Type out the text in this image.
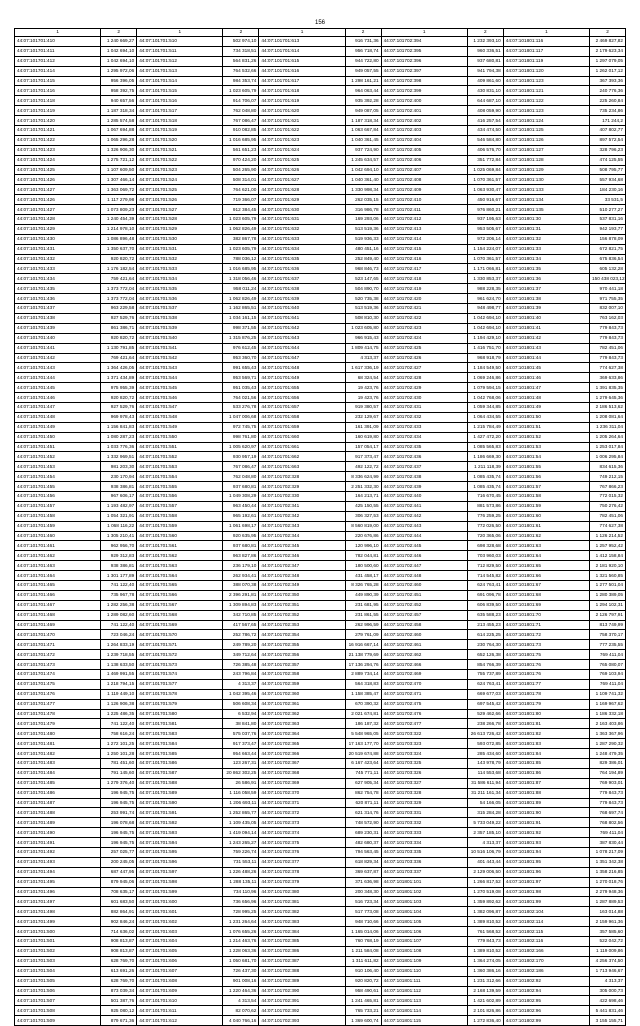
156
1	2	1	2	1	2	1	2	1	2
44:07:101701:410	1 240 669,27	44:07:101701:510	502 974,10	44:07:101701:613	916 731,36	44:07:101702:394	1 232 393,10	44:07:101801:116	2 469 827,82
44:07:101701:411	1 042 694,10	44:07:101701:511	734 318,51	44:07:101701:614	956 718,74	44:07:101702:395	960 336,51	44:07:101801:117	2 179 623,34
44:07:101701:412	1 042 694,10	44:07:101701:512	564 831,26	44:07:101701:615	944 722,80	44:07:101702:396	937 680,81	44:07:101801:119	1 297 079,05
44:07:101701:414	1 295 972,06	44:07:101701:513	764 532,66	44:07:101701:616	949 057,55	44:07:101702:397	941 794,38	44:07:101801:120	1 262 017,12
44:07:101701:415	956 396,05	44:07:101701:514	984 353,74	44:07:101701:617	1 298 161,21	44:07:101702:398	409 861,60	44:07:101801:123	367 393,36
44:07:101701:416	958 392,75	44:07:101701:515	1 023 605,79	44:07:101701:618	964 063,44	44:07:101702:399	430 831,10	44:07:101801:121	240 776,36
44:07:101701:418	940 657,56	44:07:101701:516	914 706,07	44:07:101701:619	935 392,28	44:07:101702:400	644 687,10	44:07:101801:122	225 260,84
44:07:101701:419	1 187 318,34	44:07:101701:517	762 048,80	44:07:101701:620	949 087,05	44:07:101702:401	408 059,90	44:07:101801:123	735 234,86
44:07:101701:420	1 285 574,58	44:07:101701:518	767 086,47	44:07:101701:621	1 187 318,34	44:07:101702:402	416 257,54	44:07:101801:124	171 244,2
44:07:101701:421	1 067 694,88	44:07:101701:519	910 082,85	44:07:101701:622	1 063 667,84	44:07:101702:403	434 474,50	44:07:101801:125	407 802,77
44:07:101701:422	1 065 296,28	44:07:101701:520	1 016 685,95	44:07:101701:623	1 040 361,45	44:07:101702:404	546 584,80	44:07:101801:126	897 572,54
44:07:101701:423	1 326 906,30	44:07:101701:521	561 651,23	44:07:101701:624	937 724,90	44:07:101702:405	406 576,70	44:07:101801:127	328 796,23
44:07:101701:424	1 275 721,12	44:07:101701:522	970 424,20	44:07:101701:625	1 245 634,57	44:07:101702:406	351 772,84	44:07:101801:128	474 125,55
44:07:101701:425	1 107 609,50	44:07:101701:523	504 265,90	44:07:101701:626	1 042 694,10	44:07:101702:407	1 025 069,84	44:07:101801:129	508 795,77
44:07:101701:426	1 307 466,14	44:07:101701:524	508 314,01	44:07:101701:627	1 040 361,40	44:07:101702:408	1 070 361,57	44:07:101801:130	557 934,68
44:07:101701:427	1 363 069,72	44:07:101701:525	764 621,00	44:07:101701:628	1 330 998,34	44:07:101702:409	1 063 930,47	44:07:101801:133	184 230,16
44:07:101701:426	1 117 279,98	44:07:101701:526	719 366,07	44:07:101701:629	262 035,15	44:07:101702:410	450 916,67	44:07:101801:134	33 531,5
44:07:101701:427	1 073 809,23	44:07:101701:527	912 384,45	44:07:101701:630	316 986,78	44:07:101702:411	976 860,21	44:07:101801:135	510 277,27
44:07:101701:428	1 240 454,39	44:07:101701:528	1 023 605,79	44:07:101701:631	169 293,06	44:07:101702:412	937 195,63	44:07:101801:30	537 831,16
44:07:101701:429	1 214 978,10	44:07:101701:529	1 062 826,49	44:07:101701:632	513 519,36	44:07:101702:413	953 505,67	44:07:101801:31	942 193,77
44:07:101701:430	1 086 896,48	44:07:101701:530	382 867,78	44:07:101701:633	519 936,33	44:07:101702:414	972 206,14	44:07:101801:32	156 878,09
44:07:101701:431	1 350 637,70	44:07:101701:531	1 023 605,79	44:07:101701:634	480 451,16	44:07:101702:415	1 154 224,07	44:07:101801:33	672 821,75
44:07:101701:432	920 820,72	44:07:101701:532	788 036,12	44:07:101701:635	252 849,40	44:07:101702:416	1 070 361,57	44:07:101801:34	675 836,54
44:07:101701:433	1 176 182,54	44:07:101701:533	1 016 685,95	44:07:101701:636	968 846,73	44:07:101702:417	1 171 066,81	44:07:101801:35	605 132,28
44:07:101701:434	759 421,64	44:07:101701:534	1 318 056,46	44:07:101701:637	523 147,65	44:07:101702:418	1 330 853,37	44:07:101801:36	150 438 023,12
44:07:101701:435	1 373 772,04	44:07:101701:535	958 011,24	44:07:101701:638	504 890,70	44:07:101702:419	988 228,35	44:07:101801:37	970 441,18
44:07:101701:436	1 373 772,04	44:07:101701:536	1 062 826,49	44:07:101701:639	520 735,38	44:07:101702:420	961 624,70	44:07:101801:38	971 755,35
44:07:101701:437	963 229,58	44:07:101701:537	1 162 865,51	44:07:101701:640	513 519,36	44:07:101702:421	948 498,77	44:07:101801:39	832 007,10
44:07:101701:438	927 529,76	44:07:101701:538	1 034 161,15	44:07:101701:641	508 810,30	44:07:101702:422	1 042 694,10	44:07:101801:40	763 162,03
44:07:101701:439	861 386,71	44:07:101701:539	998 371,55	44:07:101701:642	1 023 605,80	44:07:101702:423	1 042 694,10	44:07:101801:41	779 843,73
44:07:101701:440	920 820,72	44:07:101701:540	1 315 876,25	44:07:101701:643	966 915,43	44:07:101702:424	1 194 429,10	44:07:101801:42	779 843,73
44:07:101701:441	1 130 791,85	44:07:101701:541	976 612,45	44:07:101701:644	1 809 414,75	44:07:101702:425	1 416 751,70	44:07:101801:43	782 451,06
44:07:101701:442	769 421,64	44:07:101701:542	953 360,70	44:07:101701:647	4 313,37	44:07:101702:426	968 918,79	44:07:101801:44	779 843,73
44:07:101701:443	1 364 426,05	44:07:101701:543	991 655,43	44:07:101701:648	1 617 336,19	44:07:101702:427	1 184 549,50	44:07:101801:45	774 627,38
44:07:101701:444	1 371 434,89	44:07:101701:544	953 569,71	44:07:101701:649	68 324,54	44:07:101702:428	1 069 246,86	44:07:101801:46	369 633,86
44:07:101701:445	975 955,39	44:07:101701:545	951 035,43	44:07:101701:655	19 423,76	44:07:101702:429	1 079 594,15	44:07:101801:47	1 391 835,35
44:07:101701:446	920 820,72	44:07:101701:546	764 021,56	44:07:101701:656	19 423,76	44:07:101702:430	1 042 768,06	44:07:101801:48	1 279 645,36
44:07:101701:447	927 529,76	44:07:101701:547	533 276,78	44:07:101701:657	919 380,57	44:07:101702:431	1 059 344,85	44:07:101801:49	2 186 513,62
44:07:101701:448	969 978,43	44:07:101701:548	1 047 006,68	44:07:101701:658	232 129,67	44:07:101702:432	1 064 434,55	44:07:101801:50	1 208 081,64
44:07:101701:449	1 156 841,83	44:07:101701:549	972 745,75	44:07:101701:659	161 391,09	44:07:101702:433	1 215 784,49	44:07:101801:51	1 236 311,04
44:07:101701:450	1 080 287,23	44:07:101701:550	998 761,80	44:07:101701:660	160 619,80	44:07:101702:434	1 427 472,20	44:07:101801:52	1 205 264,64
44:07:101701:451	1 033 776,36	44:07:101701:551	1 005 620,97	44:07:101701:661	157 054,17	44:07:101702:435	1 085 565,83	44:07:101801:53	1 253 017,84
44:07:101701:452	1 332 969,51	44:07:101701:552	930 957,19	44:07:101701:662	917 373,47	44:07:101702:436	1 186 669,30	44:07:101801:54	1 006 295,84
44:07:101701:453	981 203,30	44:07:101701:553	767 086,47	44:07:101701:663	492 122,72	44:07:101702:437	1 211 118,39	44:07:101801:55	834 615,36
44:07:101701:454	230 170,94	44:07:101701:554	762 048,80	44:07:101702:328	8 336 624,99	44:07:101702:438	1 085 435,74	44:07:101801:56	749 212,15
44:07:101701:455	938 386,81	44:07:101701:555	937 680,81	44:07:101702:329	2 251 332,30	44:07:101702:439	1 085 435,74	44:07:101801:57	767 866,23
44:07:101701:456	967 606,17	44:07:101701:556	1 049 308,29	44:07:101702:330	164 213,71	44:07:101702:440	716 670,45	44:07:101801:58	772 015,32
44:07:101701:457	1 193 482,97	44:07:101701:557	963 450,44	44:07:101702:341	425 150,55	44:07:101702:441	881 573,86	44:07:101801:59	750 276,42
44:07:101701:458	1 054 321,91	44:07:101701:558	965 192,61	44:07:101702:342	306 327,53	44:07:101702:442	776 259,25	44:07:101801:60	782 451,06
44:07:101701:459	1 068 116,22	44:07:101701:559	1 061 698,17	44:07:101702:343	8 560 819,00	44:07:101702:443	772 026,50	44:07:101801:61	774 627,38
44:07:101701:460	1 305 210,41	44:07:101701:560	920 635,95	44:07:101702:344	220 676,86	44:07:101702:444	720 365,06	44:07:101801:62	1 126 214,52
44:07:101701:461	962 956,70	44:07:101701:561	937 680,81	44:07:101702:345	120 996,10	44:07:101702:445	698 328,68	44:07:101801:63	1 257 952,42
44:07:101701:462	929 312,83	44:07:101701:562	963 827,86	44:07:101702:346	782 044,81	44:07:101702:446	703 960,03	44:07:101801:64	1 412 158,84
44:07:101701:463	938 386,81	44:07:101701:563	236 179,10	44:07:101702:347	180 500,60	44:07:101702:447	712 829,50	44:07:101801:65	2 181 920,10
44:07:101701:464	1 301 177,89	44:07:101701:564	262 934,41	44:07:101702:348	431 458,17	44:07:101702:448	714 545,82	44:07:101801:66	1 321 560,85
44:07:101701:465	741 122,40	44:07:101701:565	388 070,38	44:07:101702:349	8 326 765,28	44:07:101702:460	624 763,41	44:07:101801:67	1 277 501,04
44:07:101701:466	735 967,78	44:07:101701:566	2 396 291,81	44:07:101702:350	449 890,39	44:07:101702:451	691 096,78	44:07:101801:68	1 280 389,05
44:07:101701:467	1 282 256,38	44:07:101701:567	1 309 894,83	44:07:101702:351	231 681,95	44:07:101702:452	606 839,50	44:07:101801:69	1 294 102,31
44:07:101701:468	1 289 082,60	44:07:101701:568	342 710,85	44:07:101702:352	231 861,55	44:07:101702:457	635 588,23	44:07:101801:70	2 126 797,91
44:07:101701:469	741 122,40	44:07:101701:569	417 567,65	44:07:101702:353	262 996,59	44:07:101702:458	213 455,23	44:07:101801:71	813 749,99
44:07:101701:470	723 046,24	44:07:101701:570	252 786,72	44:07:101702:354	279 761,09	44:07:101702:460	614 225,25	44:07:101801:72	758 370,17
44:07:101701:471	1 264 833,19	44:07:101701:571	249 789,20	44:07:101702:355	16 916 667,14	44:07:101702:461	230 764,30	44:07:101801:73	777 235,55
44:07:101701:472	1 239 718,55	44:07:101701:572	349 712,64	44:07:101702:356	21 138 779,69	44:07:101702:462	652 126,38	44:07:101801:75	769 411,04
44:07:101701:473	1 138 633,50	44:07:101701:573	726 385,48	44:07:101702:357	17 136 294,76	44:07:101702:466	854 766,39	44:07:101801:76	765 080,07
44:07:101701:474	1 469 991,55	44:07:101701:574	243 796,84	44:07:101702:358	2 889 734,14	44:07:101702:469	755 737,89	44:07:101801:76	769 103,94
44:07:101701:475	1 218 794,15	44:07:101701:577	4 313,37	44:07:101702:359	564 318,83	44:07:101702:470	624 763,41	44:07:101801:77	769 411,04
44:07:101701:476	1 119 449,10	44:07:101701:578	1 042 395,46	44:07:101702:360	1 158 385,47	44:07:101702:471	669 677,03	44:07:101801:78	1 109 741,32
44:07:101701:477	1 126 906,38	44:07:101701:579	506 608,34	44:07:101702:361	670 390,32	44:07:101702:475	697 545,42	44:07:101801:79	1 169 967,62
44:07:101701:478	1 225 486,35	44:07:101701:580	6 532,94	44:07:101702:362	2 021 674,81	44:07:101702:476	529 462,66	44:07:101801:80	1 186 332,18
44:07:101701:479	741 122,40	44:07:101701:581	38 841,80	44:07:101702:363	186 187,32	44:07:101702:477	238 266,78	44:07:101801:81	2 163 403,86
44:07:101701:480	758 616,24	44:07:101701:583	575 037,76	44:07:101702:364	5 548 965,05	44:07:101703:322	26 613 726,42	44:07:101801:82	1 363 367,96
44:07:101701:481	1 272 101,25	44:07:101701:584	917 373,47	44:07:101702:365	17 163 177,70	44:07:101703:323	593 072,85	44:07:101801:83	1 287 290,32
44:07:101701:482	1 250 101,28	44:07:101701:585	954 663,44	44:07:101702:366	20 519 674,88	44:07:101703:324	285 434,60	44:07:101801:84	1 248 479,35
44:07:101701:483	781 451,60	44:07:101701:586	123 267,31	44:07:101702:367	6 167 423,64	44:07:101703:325	143 978,79	44:07:101801:85	829 386,01
44:07:101701:484	791 145,60	44:07:101701:587	20 862 302,25	44:07:101702:368	745 771,11	44:07:101703:326	114 553,68	44:07:101801:86	764 194,89
44:07:101701:485	1 279 376,40	44:07:101701:588	26 586,91	44:07:101702:369	627 905,34	44:07:101703:327	31 586 611,94	44:07:101801:87	769 903,01
44:07:101701:486	196 945,75	44:07:101701:589	1 116 058,59	44:07:101702:370	862 754,78	44:07:101703:328	31 211 161,34	44:07:101801:88	779 843,73
44:07:101701:487	196 945,75	44:07:101701:590	1 206 693,11	44:07:101702:371	620 871,11	44:07:101703:329	54 166,05	44:07:101801:89	779 843,73
44:07:101701:488	253 991,74	44:07:101701:591	1 252 865,77	44:07:101702:372	621 314,76	44:07:101703:331	315 284,28	44:07:101801:90	768 697,74
44:07:101701:489	196 078,68	44:07:101701:592	1 109 435,05	44:07:101702:373	748 572,90	44:07:101703:332	5 733 049,22	44:07:101801:91	768 802,56
44:07:101701:490	196 945,75	44:07:101701:593	1 419 094,14	44:07:101702:374	689 230,31	44:07:101703:333	2 357 185,10	44:07:101801:92	769 411,04
44:07:101701:491	196 945,75	44:07:101701:594	1 243 265,27	44:07:101702:375	482 680,37	44:07:101703:334	4 313,37	44:07:101801:93	387 830,44
44:07:101701:492	257 025,77	44:07:101701:595	759 226,74	44:07:101702:376	794 563,45	44:07:101703:335	10 516 106,79	44:07:101801:94	1 078 217,09
44:07:101701:493	200 245,05	44:07:101701:596	731 553,11	44:07:101702:377	618 829,34	44:07:101703:336	401 443,44	44:07:101801:95	1 351 342,38
44:07:101701:494	687 447,95	44:07:101701:597	1 226 488,26	44:07:101702:378	369 637,87	44:07:101703:337	2 129 006,50	44:07:101801:96	1 358 216,85
44:07:101701:495	879 945,06	44:07:101701:598	1 288 135,11	44:07:101702:379	371 636,98	44:07:101801:101	1 266 817,52	44:07:101801:97	1 270 018,76
44:07:101701:496	708 635,17	44:07:101701:599	734 110,96	44:07:101702:380	200 348,30	44:07:101801:102	1 270 519,08	44:07:101801:98	2 279 948,36
44:07:101701:497	601 683,50	44:07:101701:600	736 656,96	44:07:101702:381	516 723,34	44:07:101801:103	1 359 892,62	44:07:101801:99	1 287 889,53
44:07:101701:498	882 864,91	44:07:101701:601	728 995,25	44:07:101702:382	517 773,08	44:07:101801:104	1 382 096,87	44:07:101802:104	163 014,88
44:07:101701:499	902 846,24	44:07:101701:602	1 231 264,64	44:07:101702:383	948 710,66	44:07:101801:105	1 389 810,52	44:07:101802:114	2 159 961,36
44:07:101701:500	714 636,02	44:07:101701:603	1 076 655,26	44:07:101702:384	1 165 014,06	44:07:101801:106	761 568,52	44:07:101802:115	357 585,60
44:07:101701:501	908 813,87	44:07:101701:604	1 214 463,76	44:07:101702:385	760 768,19	44:07:101801:107	779 843,73	44:07:101802:116	522 042,72
44:07:101701:502	908 813,87	44:07:101701:605	1 228 063,36	44:07:101702:386	1 211 584,08	44:07:101801:108	1 389 810,52	44:07:101802:166	1 119 009,86
44:07:101701:503	628 769,70	44:07:101701:606	1 050 681,70	44:07:101702:387	1 311 611,82	44:07:101801:109	1 364 274,05	44:07:101802:170	4 256 374,50
44:07:101701:504	613 691,26	44:07:101701:607	726 437,30	44:07:101702:388	910 106,40	44:07:101801:110	1 360 386,16	44:07:101802:186	1 713 946,67
44:07:101701:505	628 769,70	44:07:101701:608	901 008,16	44:07:101702:389	920 820,72	44:07:101801:111	1 231 312,66	44:07:101802:92	4 313,37
44:07:101701:506	873 039,34	44:07:101701:609	1 220 464,36	44:07:101702:390	958 490,61	44:07:101801:112	2 168 139,59	44:07:101802:94	305 000,73
44:07:101701:507	501 387,76	44:07:101701:610	4 313,54	44:07:101702:391	1 241 465,81	44:07:101801:113	1 421 602,89	44:07:101802:95	422 698,46
44:07:101701:508	925 080,12	44:07:101701:611	82 070,62	44:07:101702:392	765 733,21	44:07:101801:114	2 101 826,86	44:07:101802:96	5 441 831,46
44:07:101701:509	879 671,36	44:07:101701:612	4 040 766,16	44:07:101702:393	1 369 600,74	44:07:101801:115	1 272 836,40	44:07:101802:99	3 155 155,71
